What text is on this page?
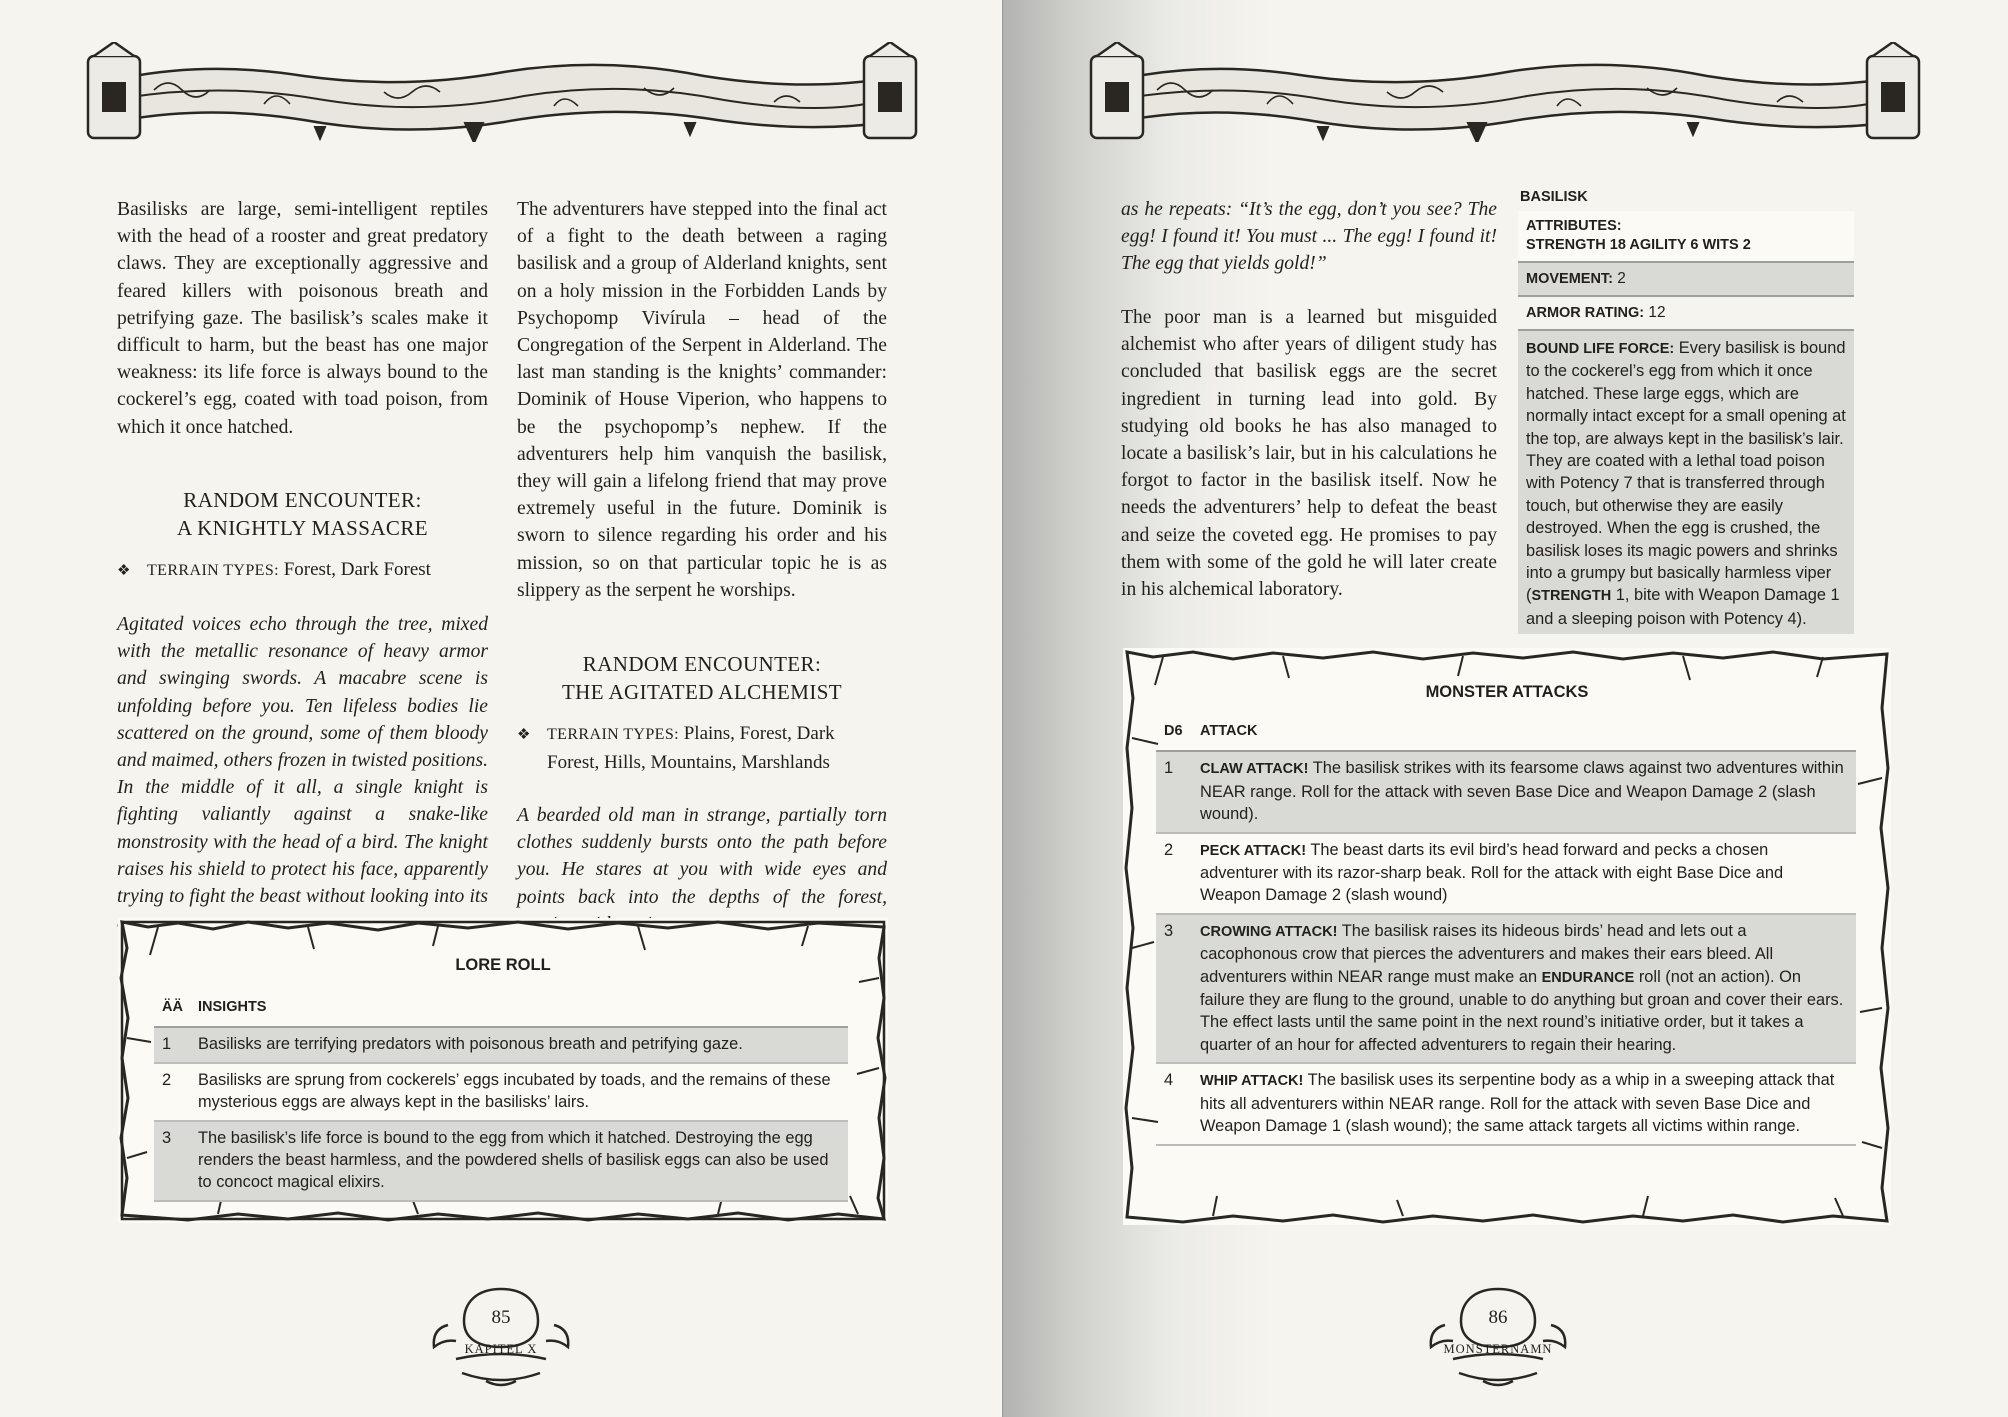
Basilisks are large, semi-intelligent reptiles with the head of a rooster and great predatory claws. They are exceptionally aggressive and feared killers with poisonous breath and petrifying gaze. The basilisk’s scales make it difficult to harm, but the beast has one major weakness: its life force is always bound to the cockerel’s egg, coated with toad poison, from which it once hatched.

RANDOM ENCOUNTER:
A KNIGHTLY MASSACRE
❖ TERRAIN TYPES: Forest, Dark Forest

Agitated voices echo through the tree, mixed with the metallic resonance of heavy armor and swinging swords. A macabre scene is unfolding before you. Ten lifeless bodies lie scattered on the ground, some of them bloody and maimed, others frozen in twisted positions. In the middle of it all, a single knight is fighting valiantly against a snake-like monstrosity with the head of a bird. The knight raises his shield to protect his face, apparently trying to fight the beast without looking into its

The adventurers have stepped into the final act of a fight to the death between a raging basilisk and a group of Alderland knights, sent on a holy mission in the Forbidden Lands by Psychopomp Vivírula – head of the Congregation of the Serpent in Alderland. The last man standing is the knights’ commander: Dominik of House Viperion, who happens to be the psychopomp’s nephew. If the adventurers help him vanquish the basilisk, they will gain a lifelong friend that may prove extremely useful in the future. Dominik is sworn to silence regarding his order and his mission, so on that particular topic he is as slippery as the serpent he worships.

RANDOM ENCOUNTER:
THE AGITATED ALCHEMIST
❖ TERRAIN TYPES: Plains, Forest, Dark Forest, Hills, Mountains, Marshlands

A bearded old man in strange, partially torn clothes suddenly bursts onto the path before you. He stares at you with wide eyes and points back into the depths of the forest,

LORE ROLL
ÄÄ	INSIGHTS
1	Basilisks are terrifying predators with poisonous breath and petrifying gaze.
2	Basilisks are sprung from cockerels’ eggs incubated by toads, and the remains of these mysterious eggs are always kept in the basilisks’ lairs.
3	The basilisk’s life force is bound to the egg from which it hatched. Destroying the egg renders the beast harmless, and the powdered shells of basilisk eggs can also be used to concoct magical elixirs.
85
KAPITEL X

as he repeats: “It’s the egg, don’t you see? The egg! I found it! You must ... The egg! I found it! The egg that yields gold!”

The poor man is a learned but misguided alchemist who after years of diligent study has concluded that basilisk eggs are the secret ingredient in turning lead into gold. By studying old books he has also managed to locate a basilisk’s lair, but in his calculations he forgot to factor in the basilisk itself. Now he needs the adventurers’ help to defeat the beast and seize the coveted egg. He promises to pay them with some of the gold he will later create in his alchemical laboratory.

MONSTER ATTACKS
D6	ATTACK
1	CLAW ATTACK! The basilisk strikes with its fearsome claws against two adventures within NEAR range. Roll for the attack with seven Base Dice and Weapon Damage 2 (slash wound).
2	PECK ATTACK! The beast darts its evil bird’s head forward and pecks a chosen adventurer with its razor-sharp beak. Roll for the attack with eight Base Dice and Weapon Damage 2 (slash wound)
3	CROWING ATTACK! The basilisk raises its hideous birds’ head and lets out a cacophonous crow that pierces the adventurers and makes their ears bleed. All adventurers within NEAR range must make an ENDURANCE roll (not an action). On failure they are flung to the ground, unable to do anything but groan and cover their ears. The effect lasts until the same point in the next round’s initiative order, but it takes a quarter of an hour for affected adventurers to regain their hearing.
4	WHIP ATTACK! The basilisk uses its serpentine body as a whip in a sweeping attack that hits all adventurers within NEAR range. Roll for the attack with seven Base Dice and Weapon Damage 1 (slash wound); the same attack targets all victims within range.
86
MONSTERNAMN
BASILISK
ATTRIBUTES:
STRENGTH 18 AGILITY 6 WITS 2
MOVEMENT: 2
ARMOR RATING: 12
BOUND LIFE FORCE: Every basilisk is bound to the cockerel’s egg from which it once hatched. These large eggs, which are normally intact except for a small opening at the top, are always kept in the basilisk’s lair. They are coated with a lethal toad poison with Potency 7 that is transferred through touch, but otherwise they are easily destroyed. When the egg is crushed, the basilisk loses its magic powers and shrinks into a grumpy but basically harmless viper (STRENGTH 1, bite with Weapon Damage 1 and a sleeping poison with Potency 4).
